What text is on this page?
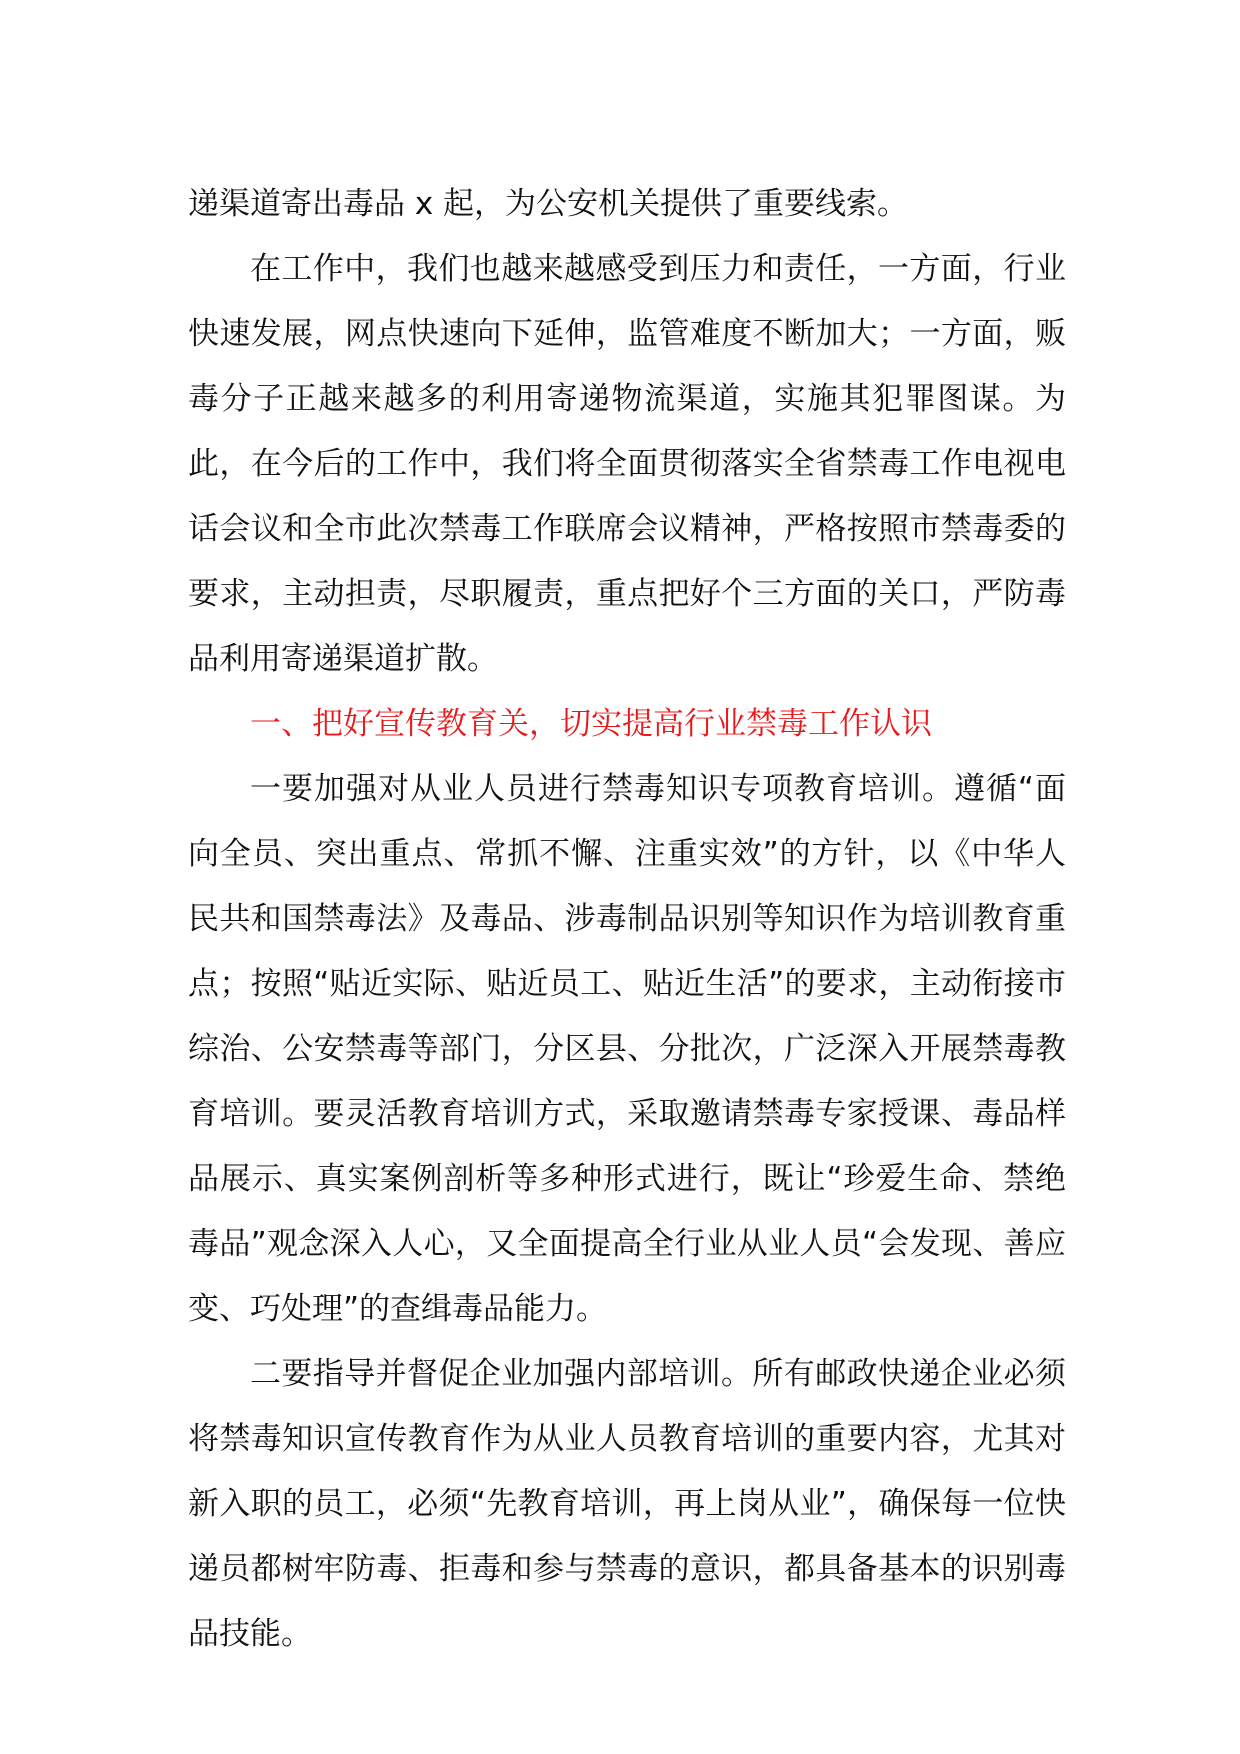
递渠道寄出毒品 x 起，为公安机关提供了重要线索。

在工作中，我们也越来越感受到压力和责任，一方面，行业快速发展，网点快速向下延伸，监管难度不断加大；一方面，贩毒分子正越来越多的利用寄递物流渠道，实施其犯罪图谋。为此，在今后的工作中，我们将全面贯彻落实全省禁毒工作电视电话会议和全市此次禁毒工作联席会议精神，严格按照市禁毒委的要求，主动担责，尽职履责，重点把好个三方面的关口，严防毒品利用寄递渠道扩散。

一、把好宣传教育关，切实提高行业禁毒工作认识

一要加强对从业人员进行禁毒知识专项教育培训。遵循“面向全员、突出重点、常抓不懈、注重实效”的方针，以《中华人民共和国禁毒法》及毒品、涉毒制品识别等知识作为培训教育重点；按照“贴近实际、贴近员工、贴近生活”的要求，主动衔接市综治、公安禁毒等部门，分区县、分批次，广泛深入开展禁毒教育培训。要灵活教育培训方式，采取邀请禁毒专家授课、毒品样品展示、真实案例剖析等多种形式进行，既让“珍爱生命、禁绝毒品”观念深入人心，又全面提高全行业从业人员“会发现、善应变、巧处理”的查缉毒品能力。

二要指导并督促企业加强内部培训。所有邮政快递企业必须将禁毒知识宣传教育作为从业人员教育培训的重要内容，尤其对新入职的员工，必须“先教育培训，再上岗从业”，确保每一位快递员都树牢防毒、拒毒和参与禁毒的意识，都具备基本的识别毒品技能。
